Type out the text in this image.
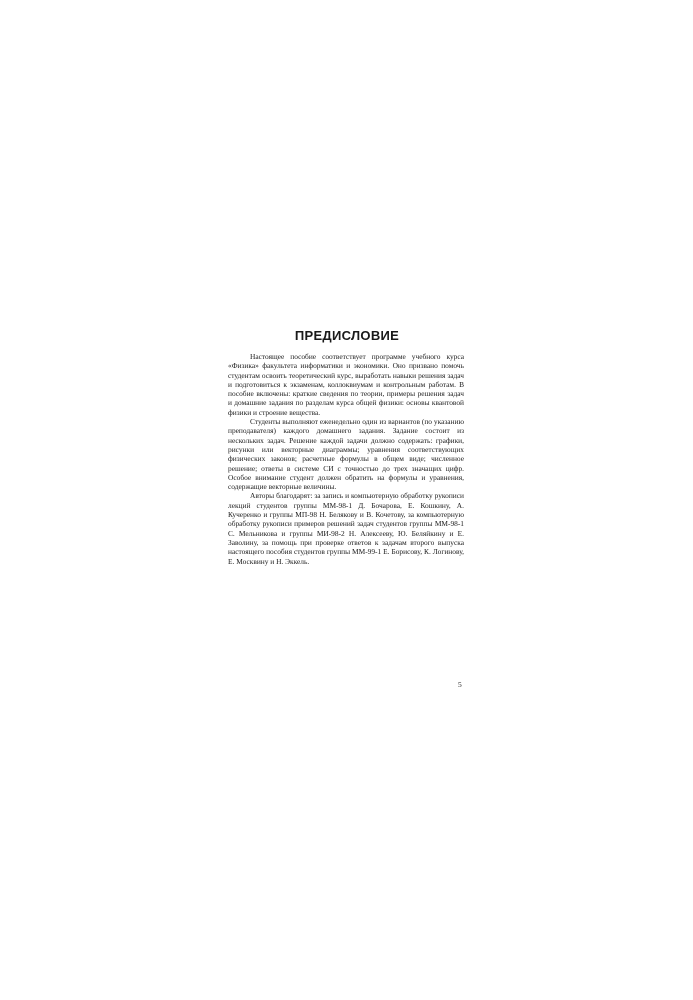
ПРЕДИСЛОВИЕ

Настоящее пособие соответствует программе учебного курса «Физика» факультета информатики и экономики. Оно призвано помочь студентам освоить теоретический курс, выработать навыки решения задач и подготовиться к экзаменам, коллоквиумам и контрольным работам. В пособие включены: краткие сведения по теории, примеры решения задач и домашние задания по разделам курса общей физики: основы квантовой физики и строение вещества.

Студенты выполняют еженедельно один из вариантов (по указанию преподавателя) каждого домашнего задания. Задание состоит из нескольких задач. Решение каждой задачи должно содержать: графики, рисунки или векторные диаграммы; уравнения соответствующих физических законов; расчетные формулы в общем виде; численное решение; ответы в системе СИ с точностью до трех значащих цифр. Особое внимание студент должен обратить на формулы и уравнения, содержащие векторные величины.

Авторы благодарят: за запись и компьютерную обработку рукописи лекций студентов группы ММ-98-1 Д. Бочарова, Е. Кошкину, А. Кучеренко и группы МП-98 Н. Белякову и В. Кочетову, за компьютерную обработку рукописи примеров решений задач студентов группы ММ-98-1 С. Мельникова и группы МИ-98-2 Н. Алексееву, Ю. Беляйкину и Е. Заволину, за помощь при проверке ответов к задачам второго выпуска настоящего пособия студентов группы ММ-99-1 Е. Борисову, К. Логинову, Е. Москвину и Н. Эккель.

5
